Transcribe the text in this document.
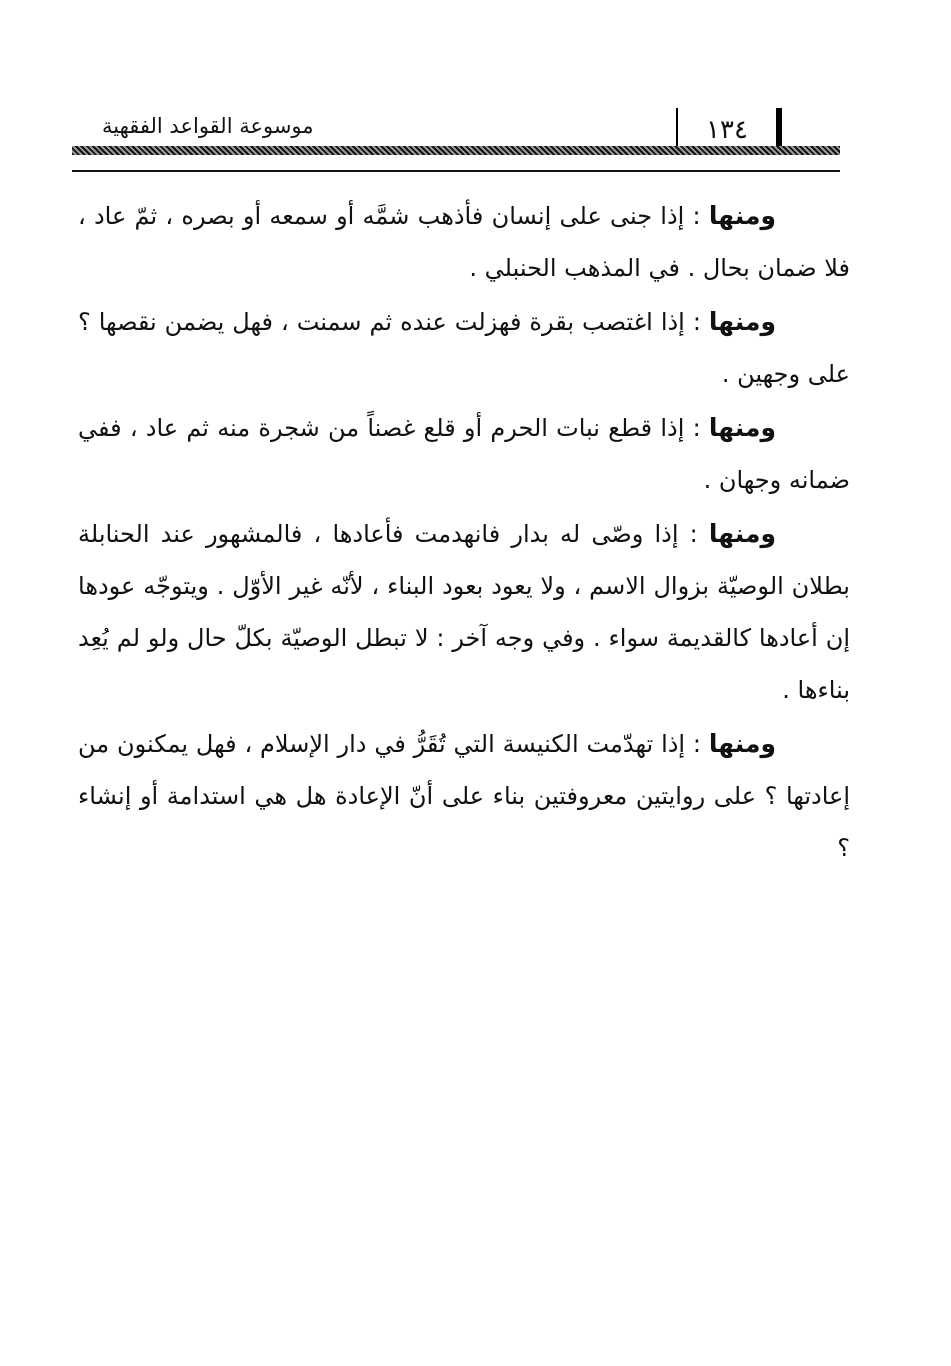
١٣٤
موسوعة القواعد الفقهية

ومنها : إذا جنى على إنسان فأذهب شمَّه أو سمعه أو بصره ، ثمّ عاد ، فلا ضمان بحال . في المذهب الحنبلي .

ومنها : إذا اغتصب بقرة فهزلت عنده ثم سمنت ، فهل يضمن نقصها ؟ على وجهين .

ومنها : إذا قطع نبات الحرم أو قلع غصناً من شجرة منه ثم عاد ، ففي ضمانه وجهان .

ومنها : إذا وصّى له بدار فانهدمت فأعادها ، فالمشهور عند الحنابلة بطلان الوصيّة بزوال الاسم ، ولا يعود بعود البناء ، لأنّه غير الأوّل . ويتوجّه عودها إن أعادها كالقديمة سواء . وفي وجه آخر : لا تبطل الوصيّة بكلّ حال ولو لم يُعِد بناءها .

ومنها : إذا تهدّمت الكنيسة التي تُقَرُّ في دار الإسلام ، فهل يمكنون من إعادتها ؟ على روايتين معروفتين بناء على أنّ الإعادة هل هي استدامة أو إنشاء ؟
